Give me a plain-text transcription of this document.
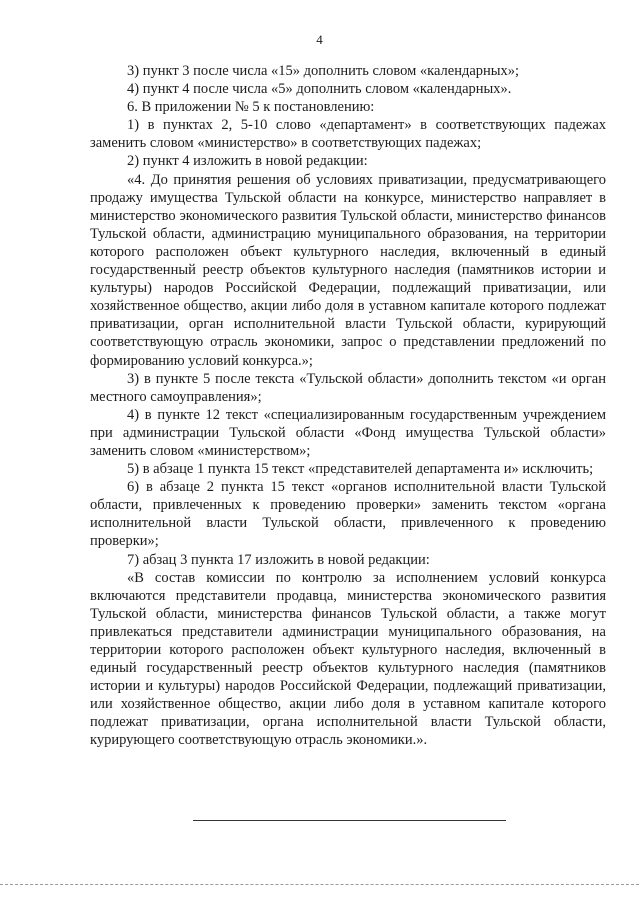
4

3) пункт 3 после числа «15» дополнить словом «календарных»;

4) пункт 4 после числа «5» дополнить словом «календарных».

6. В приложении № 5 к постановлению:

1) в пунктах 2, 5-10 слово «департамент» в соответствующих падежах заменить словом «министерство» в соответствующих падежах;

2) пункт 4 изложить в новой редакции:

«4. До принятия решения об условиях приватизации, предусматривающего продажу имущества Тульской области на конкурсе, министерство направляет в министерство экономического развития Тульской области, министерство финансов Тульской области, администрацию муниципального образования, на территории которого расположен объект культурного наследия, включенный в единый государственный реестр объектов культурного наследия (памятников истории и культуры) народов Российской Федерации, подлежащий приватизации, или хозяйственное общество, акции либо доля в уставном капитале которого подлежат приватизации, орган исполнительной власти Тульской области, курирующий соответствующую отрасль экономики, запрос о представлении предложений по формированию условий конкурса.»;

3) в пункте 5 после текста «Тульской области» дополнить текстом «и орган местного самоуправления»;

4) в пункте 12 текст «специализированным государственным учреждением при администрации Тульской области «Фонд имущества Тульской области» заменить словом «министерством»;

5) в абзаце 1 пункта 15 текст «представителей департамента и» исключить;

6) в абзаце 2 пункта 15 текст «органов исполнительной власти Тульской области, привлеченных к проведению проверки» заменить текстом «органа исполнительной власти Тульской области, привлеченного к проведению проверки»;

7) абзац 3 пункта 17 изложить в новой редакции:

«В состав комиссии по контролю за исполнением условий конкурса включаются представители продавца, министерства экономического развития Тульской области, министерства финансов Тульской области, а также могут привлекаться представители администрации муниципального образования, на территории которого расположен объект культурного наследия, включенный в единый государственный реестр объектов культурного наследия (памятников истории и культуры) народов Российской Федерации, подлежащий приватизации, или хозяйственное общество, акции либо доля в уставном капитале которого подлежат приватизации, органа исполнительной власти Тульской области, курирующего соответствующую отрасль экономики.».
